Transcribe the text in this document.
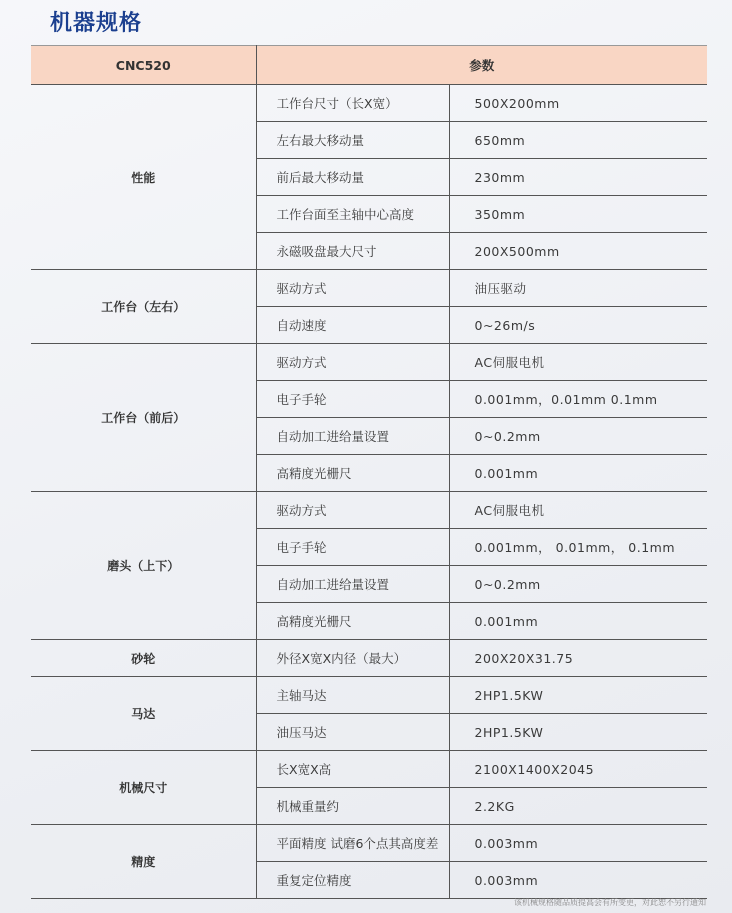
机器规格
CNC520	参数	
性能	工作台尺寸（长X宽）	500X200mm
	左右最大移动量	650mm
	前后最大移动量	230mm
	工作台面至主轴中心高度	350mm
	永磁吸盘最大尺寸	200X500mm
工作台（左右）	驱动方式	油压驱动
	自动速度	0~26m/s
工作台（前后）	驱动方式	AC伺服电机
	电子手轮	0.001mm，0.01mm 0.1mm
	自动加工进给量设置	0~0.2mm
	高精度光栅尺	0.001mm
磨头（上下）	驱动方式	AC伺服电机
	电子手轮	0.001mm， 0.01mm， 0.1mm
	自动加工进给量设置	0~0.2mm
	高精度光栅尺	0.001mm
砂轮	外径X宽X内径（最大）	200X20X31.75
马达	主轴马达	2HP1.5KW
	油压马达	2HP1.5KW
机械尺寸	长X宽X高	2100X1400X2045
	机械重量约	2.2KG
精度	平面精度 试磨6个点其高度差	0.003mm
	重复定位精度	0.003mm
该机械规格随品质提高会有所变更，对此恕不另行通知
